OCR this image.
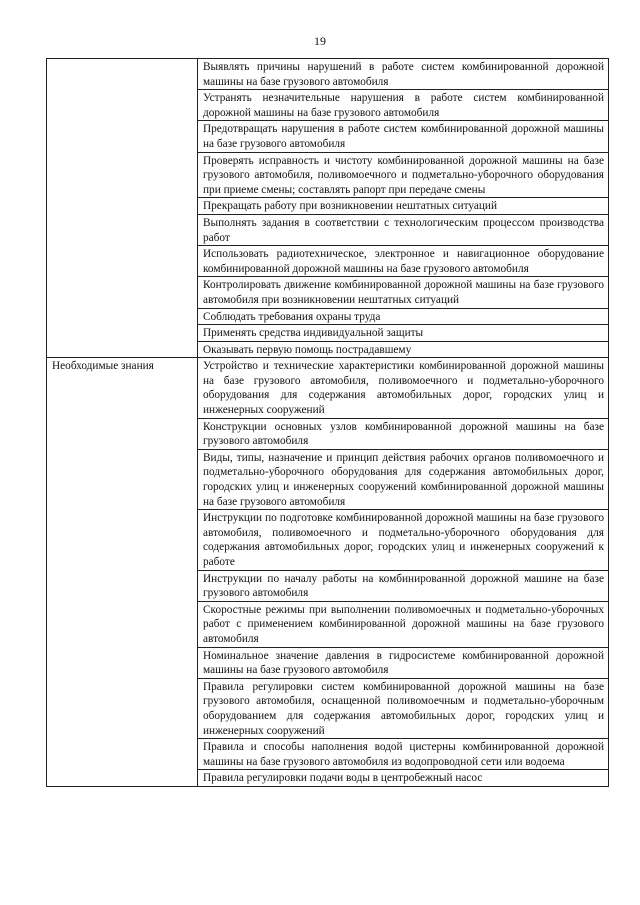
19
	Выявлять причины нарушений в работе систем комбинированной дорожной машины на базе грузового автомобиля
	Устранять незначительные нарушения в работе систем комбинированной дорожной машины на базе грузового автомобиля
	Предотвращать нарушения в работе систем комбинированной дорожной машины на базе грузового автомобиля
	Проверять исправность и чистоту комбинированной дорожной машины на базе грузового автомобиля, поливомоечного и подметально-уборочного оборудования при приеме смены; составлять рапорт при передаче смены
	Прекращать работу при возникновении нештатных ситуаций
	Выполнять задания в соответствии с технологическим процессом производства работ
	Использовать радиотехническое, электронное и навигационное оборудование комбинированной дорожной машины на базе грузового автомобиля
	Контролировать движение комбинированной дорожной машины на базе грузового автомобиля при возникновении нештатных ситуаций
	Соблюдать требования охраны труда
	Применять средства индивидуальной защиты
	Оказывать первую помощь пострадавшему
Необходимые знания	Устройство и технические характеристики комбинированной дорожной машины на базе грузового автомобиля, поливомоечного и подметально-уборочного оборудования для содержания автомобильных дорог, городских улиц и инженерных сооружений
	Конструкции основных узлов комбинированной дорожной машины на базе грузового автомобиля
	Виды, типы, назначение и принцип действия рабочих органов поливомоечного и подметально-уборочного оборудования для содержания автомобильных дорог, городских улиц и инженерных сооружений комбинированной дорожной машины на базе грузового автомобиля
	Инструкции по подготовке комбинированной дорожной машины на базе грузового автомобиля, поливомоечного и подметально-уборочного оборудования для содержания автомобильных дорог, городских улиц и инженерных сооружений к работе
	Инструкции по началу работы на комбинированной дорожной машине на базе грузового автомобиля
	Скоростные режимы при выполнении поливомоечных и подметально-уборочных работ с применением комбинированной дорожной машины на базе грузового автомобиля
	Номинальное значение давления в гидросистеме комбинированной дорожной машины на базе грузового автомобиля
	Правила регулировки систем комбинированной дорожной машины на базе грузового автомобиля, оснащенной поливомоечным и подметально-уборочным оборудованием для содержания автомобильных дорог, городских улиц и инженерных сооружений
	Правила и способы наполнения водой цистерны комбинированной дорожной машины на базе грузового автомобиля из водопроводной сети или водоема
	Правила регулировки подачи воды в центробежный насос
